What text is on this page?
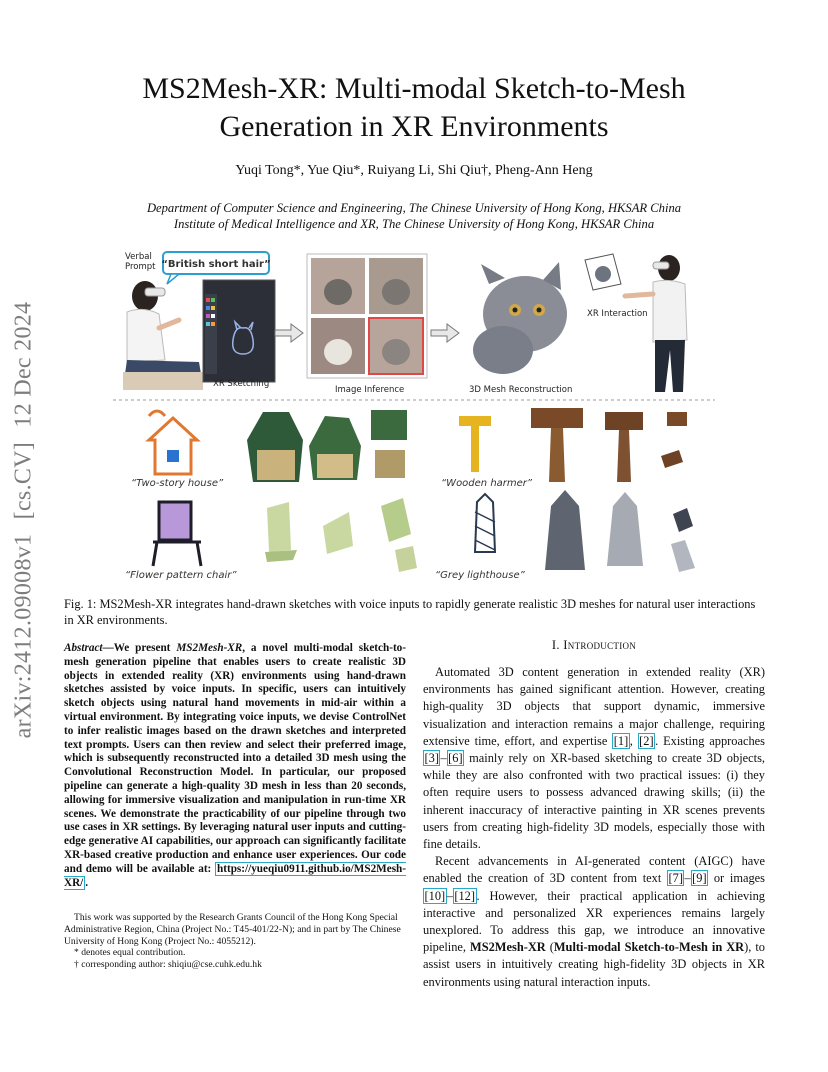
arXiv:2412.09008v1 [cs.CV] 12 Dec 2024
MS2Mesh-XR: Multi-modal Sketch-to-Mesh
Generation in XR Environments
Yuqi Tong*, Yue Qiu*, Ruiyang Li, Shi Qiu†, Pheng-Ann Heng
Department of Computer Science and Engineering, The Chinese University of Hong Kong, HKSAR China
Institute of Medical Intelligence and XR, The Chinese University of Hong Kong, HKSAR China
Verbal Prompt “British short hair”
XR Sketching
Image Inference	3D Mesh Reconstruction
XR Interaction
“Two-story house”	“Wooden harmer”
“Flower pattern chair”	“Grey lighthouse”
Fig. 1: MS2Mesh-XR integrates hand-drawn sketches with voice inputs to rapidly generate realistic 3D meshes for natural user interactions in XR environments.
Abstract—We present MS2Mesh-XR, a novel multi-modal sketch-to-mesh generation pipeline that enables users to create realistic 3D objects in extended reality (XR) environments using hand-drawn sketches assisted by voice inputs. In specific, users can intuitively sketch objects using natural hand movements in mid-air within a virtual environment. By integrating voice inputs, we devise ControlNet to infer realistic images based on the drawn sketches and interpreted text prompts. Users can then review and select their preferred image, which is subsequently reconstructed into a detailed 3D mesh using the Convolutional Reconstruction Model. In particular, our proposed pipeline can generate a high-quality 3D mesh in less than 20 seconds, allowing for immersive visualization and manipulation in run-time XR scenes. We demonstrate the practicability of our pipeline through two use cases in XR settings. By leveraging natural user inputs and cutting-edge generative AI capabilities, our approach can significantly facilitate XR-based creative production and enhance user experiences. Our code and demo will be available at: https://yueqiu0911.github.io/MS2Mesh-XR/ .

This work was supported by the Research Grants Council of the Hong Kong Special Administrative Region, China (Project No.: T45-401/22-N); and in part by The Chinese University of Hong Kong (Project No.: 4055212).

* denotes equal contribution.

† corresponding author: shiqiu@cse.cuhk.edu.hk

I. Introduction

Automated 3D content generation in extended reality (XR) environments has gained significant attention. However, creating high-quality 3D objects that support dynamic, immersive visualization and interaction remains a major challenge, requiring extensive time, effort, and expertise [1] , [2] . Existing approaches [3] – [6] mainly rely on XR-based sketching to create 3D objects, while they are also confronted with two practical issues: (i) they often require users to possess advanced drawing skills; (ii) the inherent inaccuracy of interactive painting in XR scenes prevents users from creating high-fidelity 3D models, especially those with fine details.

Recent advancements in AI-generated content (AIGC) have enabled the creation of 3D content from text [7] – [9] or images [10] – [12] . However, their practical application in achieving interactive and personalized XR experiences remains largely unexplored. To address this gap, we introduce an innovative pipeline, MS2Mesh-XR (Multi-modal Sketch-to-Mesh in XR), to assist users in intuitively creating high-fidelity 3D objects in XR environments using natural interaction inputs.
